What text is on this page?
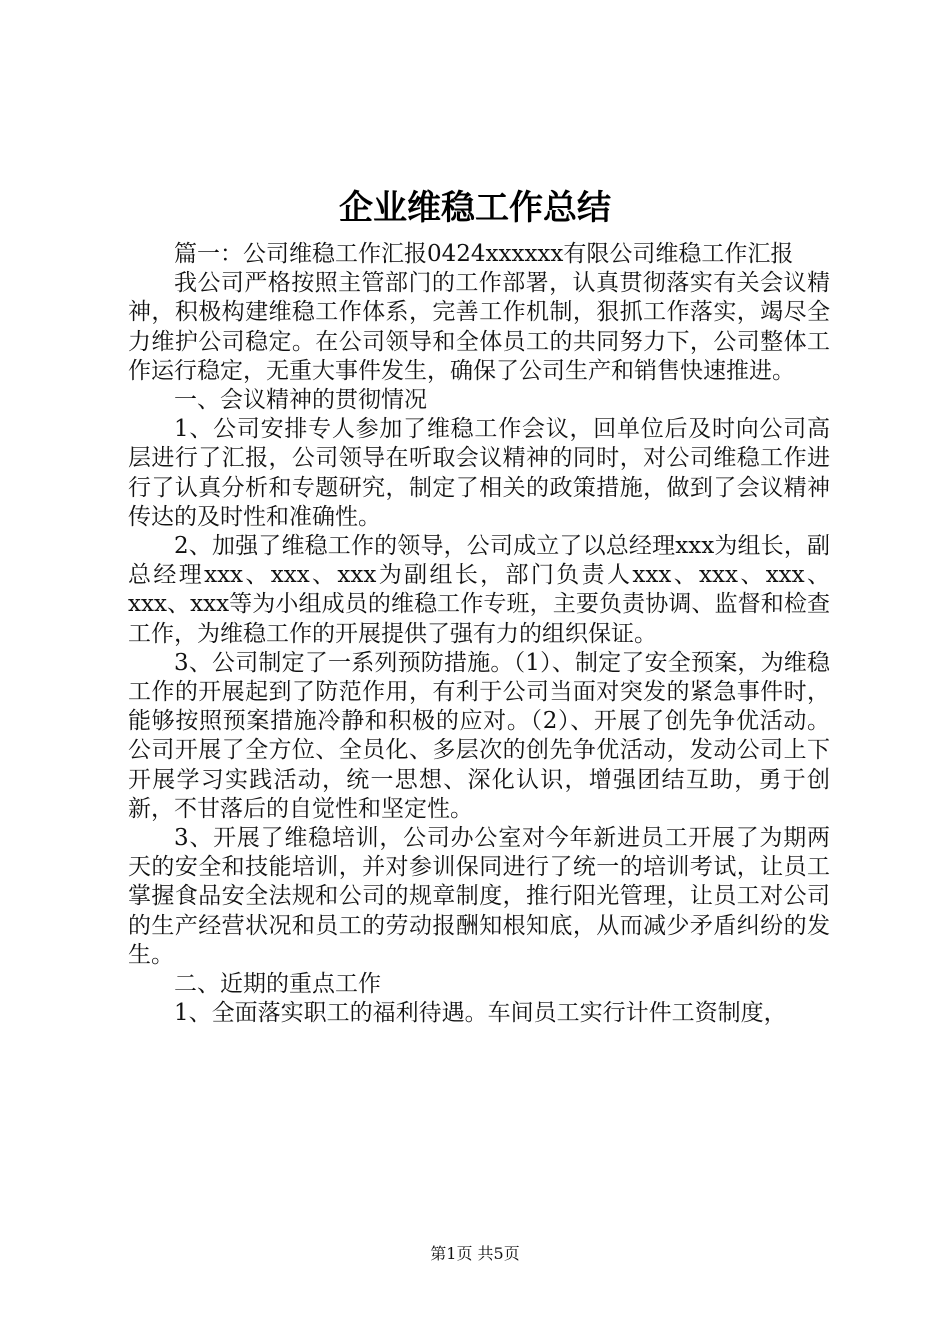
企业维稳工作总结

篇一：公司维稳工作汇报0424xxxxxx有限公司维稳工作汇报

我公司严格按照主管部门的工作部署，认真贯彻落实有关会议精神，积极构建维稳工作体系，完善工作机制，狠抓工作落实，竭尽全力维护公司稳定。在公司领导和全体员工的共同努力下，公司整体工作运行稳定，无重大事件发生，确保了公司生产和销售快速推进。

一、会议精神的贯彻情况

1、公司安排专人参加了维稳工作会议，回单位后及时向公司高层进行了汇报，公司领导在听取会议精神的同时，对公司维稳工作进行了认真分析和专题研究，制定了相关的政策措施，做到了会议精神传达的及时性和准确性。

2、加强了维稳工作的领导，公司成立了以总经理xxx为组长，副总经理xxx、xxx、xxx为副组长，部门负责人xxx、xxx、xxx、xxx、xxx等为小组成员的维稳工作专班，主要负责协调、监督和检查工作，为维稳工作的开展提供了强有力的组织保证。

3、公司制定了一系列预防措施。（1）、制定了安全预案，为维稳工作的开展起到了防范作用，有利于公司当面对突发的紧急事件时，能够按照预案措施冷静和积极的应对。（2）、开展了创先争优活动。公司开展了全方位、全员化、多层次的创先争优活动，发动公司上下开展学习实践活动，统一思想、深化认识，增强团结互助，勇于创新，不甘落后的自觉性和坚定性。

3、开展了维稳培训，公司办公室对今年新进员工开展了为期两天的安全和技能培训，并对参训保同进行了统一的培训考试，让员工掌握食品安全法规和公司的规章制度，推行阳光管理，让员工对公司的生产经营状况和员工的劳动报酬知根知底，从而减少矛盾纠纷的发生。

二、近期的重点工作

1、全面落实职工的福利待遇。车间员工实行计件工资制度，

第1页 共5页
